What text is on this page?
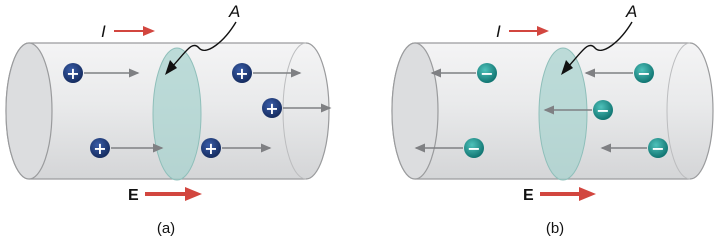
+	+
+
+	+
I
A
E
(a)
−	−
−
−	−
I
A
E
(b)
